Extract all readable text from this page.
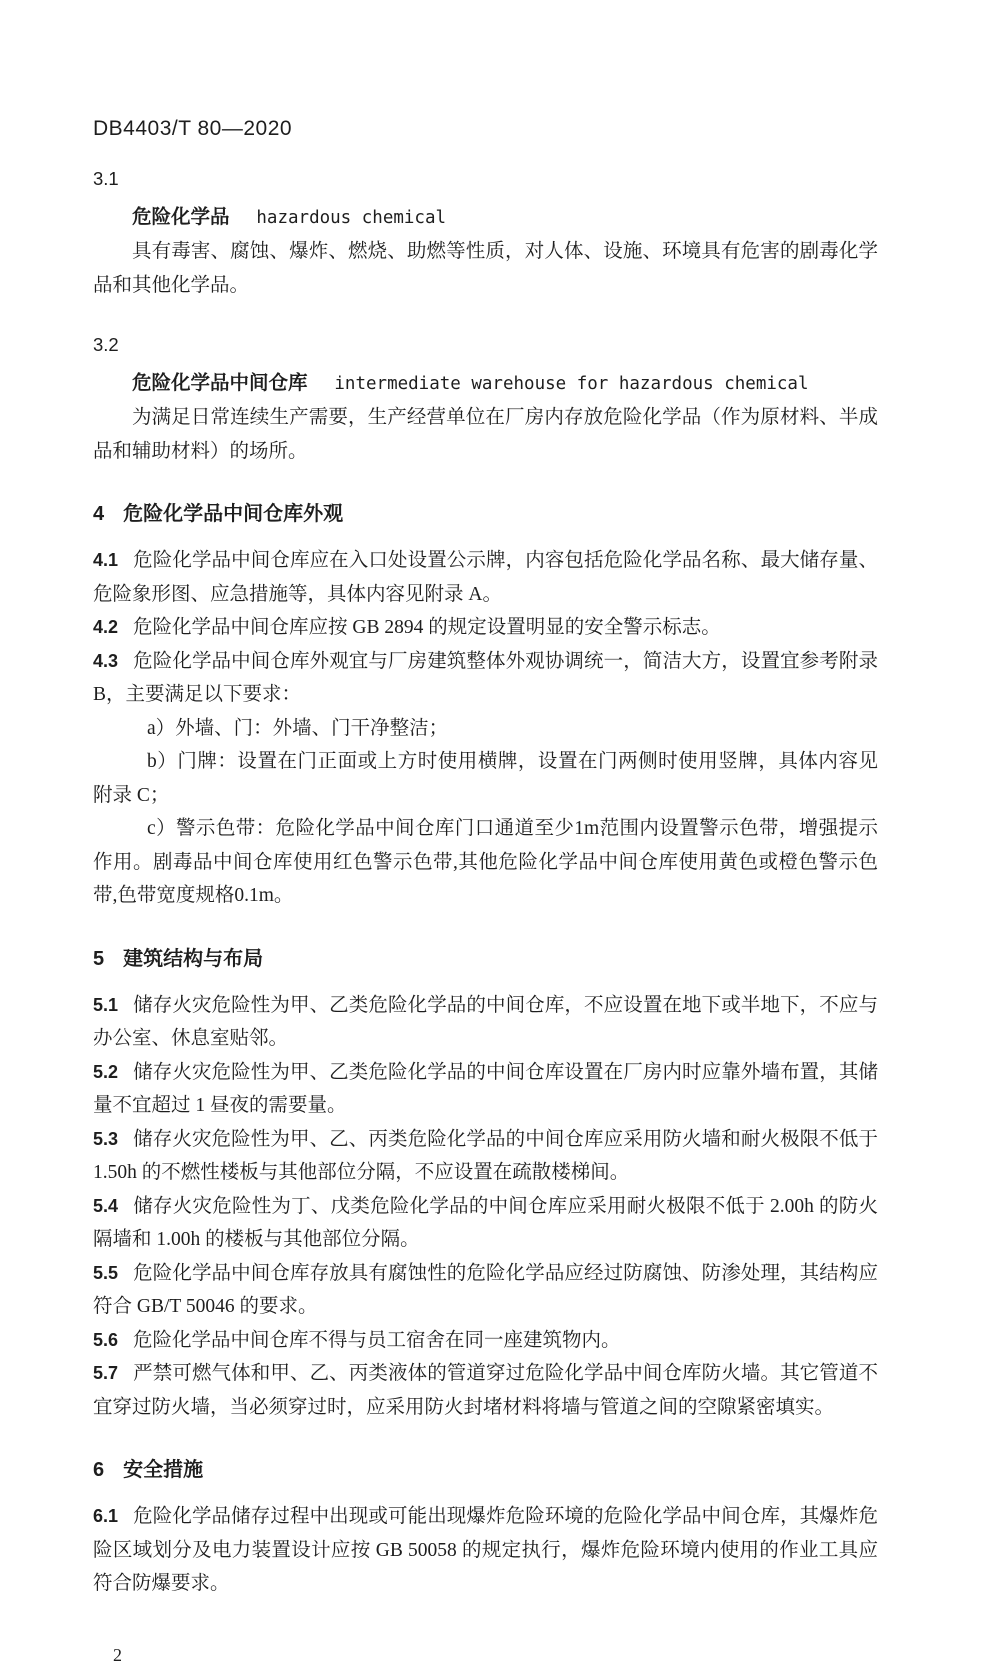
DB4403/T 80—2020

3.1

危险化学品 hazardous chemical

具有毒害、腐蚀、爆炸、燃烧、助燃等性质，对人体、设施、环境具有危害的剧毒化学品和其他化学品。

3.2

危险化学品中间仓库 intermediate warehouse for hazardous chemical

为满足日常连续生产需要，生产经营单位在厂房内存放危险化学品（作为原材料、半成品和辅助材料）的场所。

4 危险化学品中间仓库外观

4.1 危险化学品中间仓库应在入口处设置公示牌，内容包括危险化学品名称、最大储存量、危险象形图、应急措施等，具体内容见附录 A。

4.2 危险化学品中间仓库应按 GB 2894 的规定设置明显的安全警示标志。

4.3 危险化学品中间仓库外观宜与厂房建筑整体外观协调统一，简洁大方，设置宜参考附录 B，主要满足以下要求：

a）外墙、门：外墙、门干净整洁；

b）门牌：设置在门正面或上方时使用横牌，设置在门两侧时使用竖牌，具体内容见附录 C；

c）警示色带：危险化学品中间仓库门口通道至少1m范围内设置警示色带，增强提示作用。剧毒品中间仓库使用红色警示色带,其他危险化学品中间仓库使用黄色或橙色警示色带,色带宽度规格0.1m。

5 建筑结构与布局

5.1 储存火灾危险性为甲、乙类危险化学品的中间仓库，不应设置在地下或半地下，不应与办公室、休息室贴邻。

5.2 储存火灾危险性为甲、乙类危险化学品的中间仓库设置在厂房内时应靠外墙布置，其储量不宜超过 1 昼夜的需要量。

5.3 储存火灾危险性为甲、乙、丙类危险化学品的中间仓库应采用防火墙和耐火极限不低于 1.50h 的不燃性楼板与其他部位分隔，不应设置在疏散楼梯间。

5.4 储存火灾危险性为丁、戊类危险化学品的中间仓库应采用耐火极限不低于 2.00h 的防火隔墙和 1.00h 的楼板与其他部位分隔。

5.5 危险化学品中间仓库存放具有腐蚀性的危险化学品应经过防腐蚀、防渗处理，其结构应符合 GB/T 50046 的要求。

5.6 危险化学品中间仓库不得与员工宿舍在同一座建筑物内。

5.7 严禁可燃气体和甲、乙、丙类液体的管道穿过危险化学品中间仓库防火墙。其它管道不宜穿过防火墙，当必须穿过时，应采用防火封堵材料将墙与管道之间的空隙紧密填实。

6 安全措施

6.1 危险化学品储存过程中出现或可能出现爆炸危险环境的危险化学品中间仓库，其爆炸危险区域划分及电力装置设计应按 GB 50058 的规定执行，爆炸危险环境内使用的作业工具应符合防爆要求。

2
